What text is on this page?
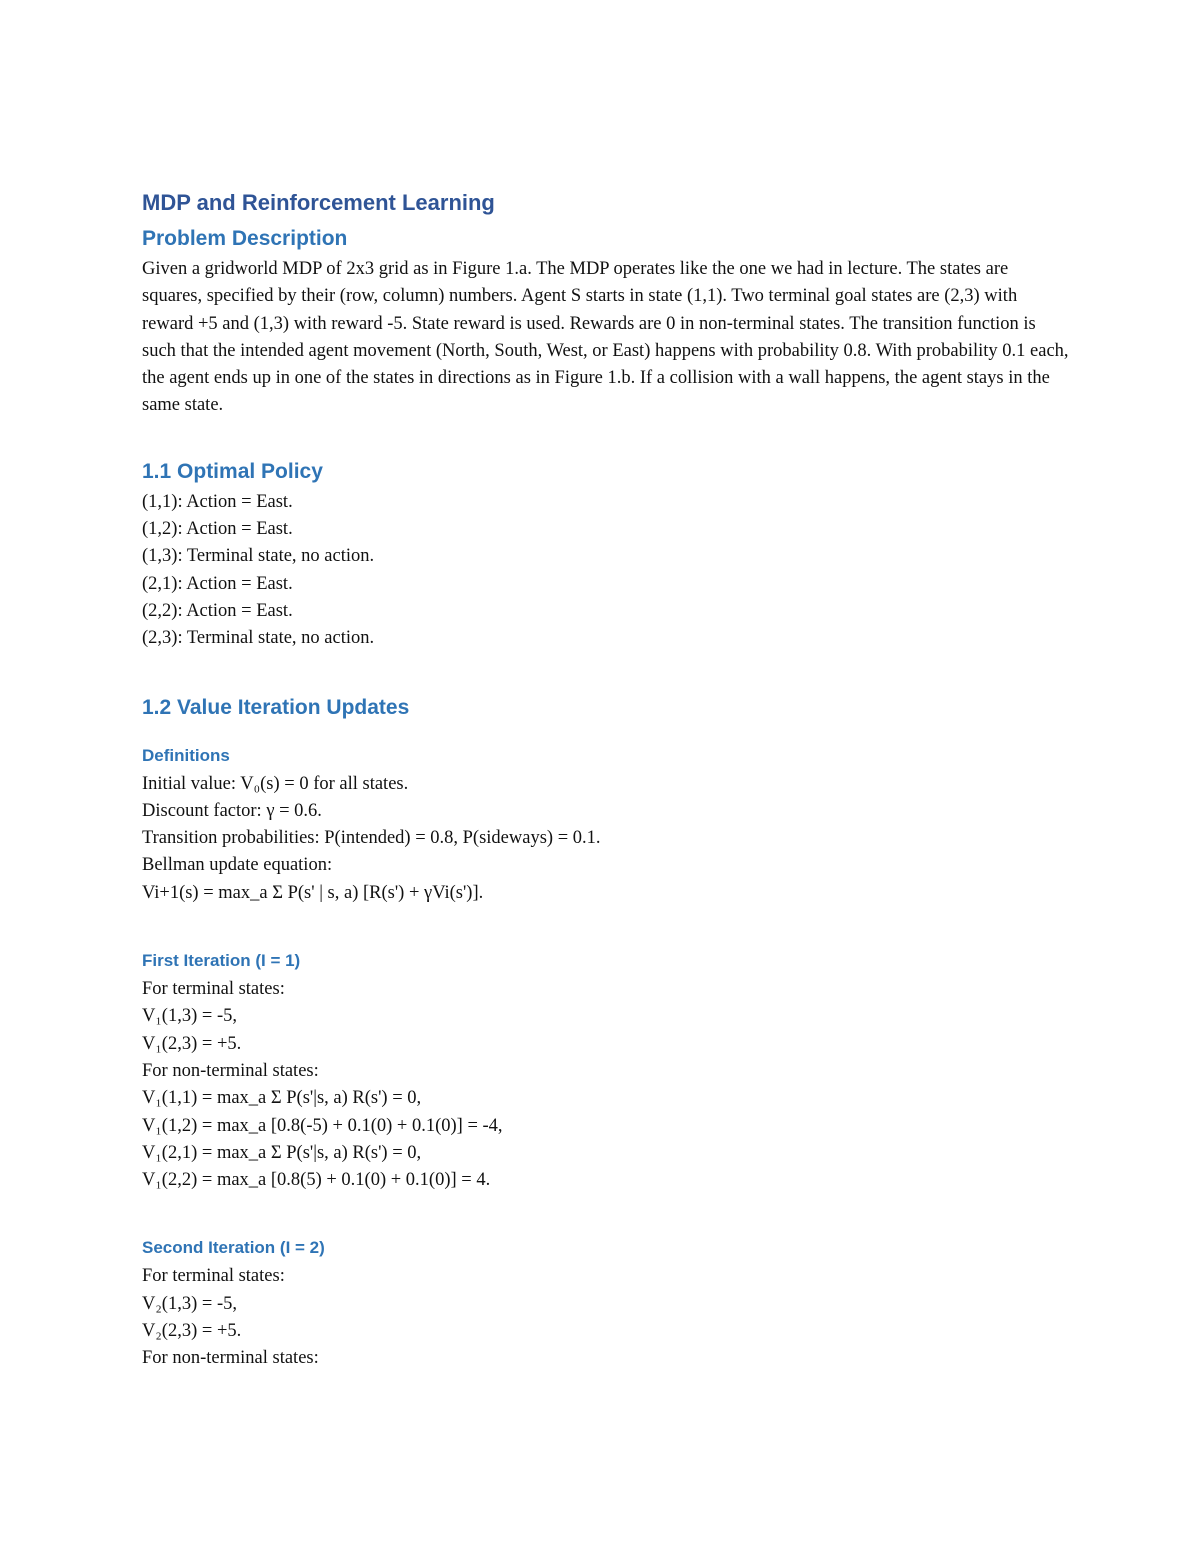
MDP and Reinforcement Learning
Problem Description

Given a gridworld MDP of 2x3 grid as in Figure 1.a. The MDP operates like the one we had in lecture. The states are squares, specified by their (row, column) numbers. Agent S starts in state (1,1). Two terminal goal states are (2,3) with reward +5 and (1,3) with reward -5. State reward is used. Rewards are 0 in non-terminal states. The transition function is such that the intended agent movement (North, South, West, or East) happens with probability 0.8. With probability 0.1 each, the agent ends up in one of the states in directions as in Figure 1.b. If a collision with a wall happens, the agent stays in the same state.

1.1 Optimal Policy
(1,1): Action = East.
(1,2): Action = East.
(1,3): Terminal state, no action.
(2,1): Action = East.
(2,2): Action = East.
(2,3): Terminal state, no action.
1.2 Value Iteration Updates
Definitions
Initial value: V₀(s) = 0 for all states.
Discount factor: γ = 0.6.
Transition probabilities: P(intended) = 0.8, P(sideways) = 0.1.
Bellman update equation:
Vi+1(s) = max_a Σ P(s' | s, a) [R(s') + γVi(s')].
First Iteration (I = 1)
For terminal states:
V₁(1,3) = -5,
V₁(2,3) = +5.
For non-terminal states:
V₁(1,1) = max_a Σ P(s'|s, a) R(s') = 0,
V₁(1,2) = max_a [0.8(-5) + 0.1(0) + 0.1(0)] = -4,
V₁(2,1) = max_a Σ P(s'|s, a) R(s') = 0,
V₁(2,2) = max_a [0.8(5) + 0.1(0) + 0.1(0)] = 4.
Second Iteration (I = 2)
For terminal states:
V₂(1,3) = -5,
V₂(2,3) = +5.
For non-terminal states:
